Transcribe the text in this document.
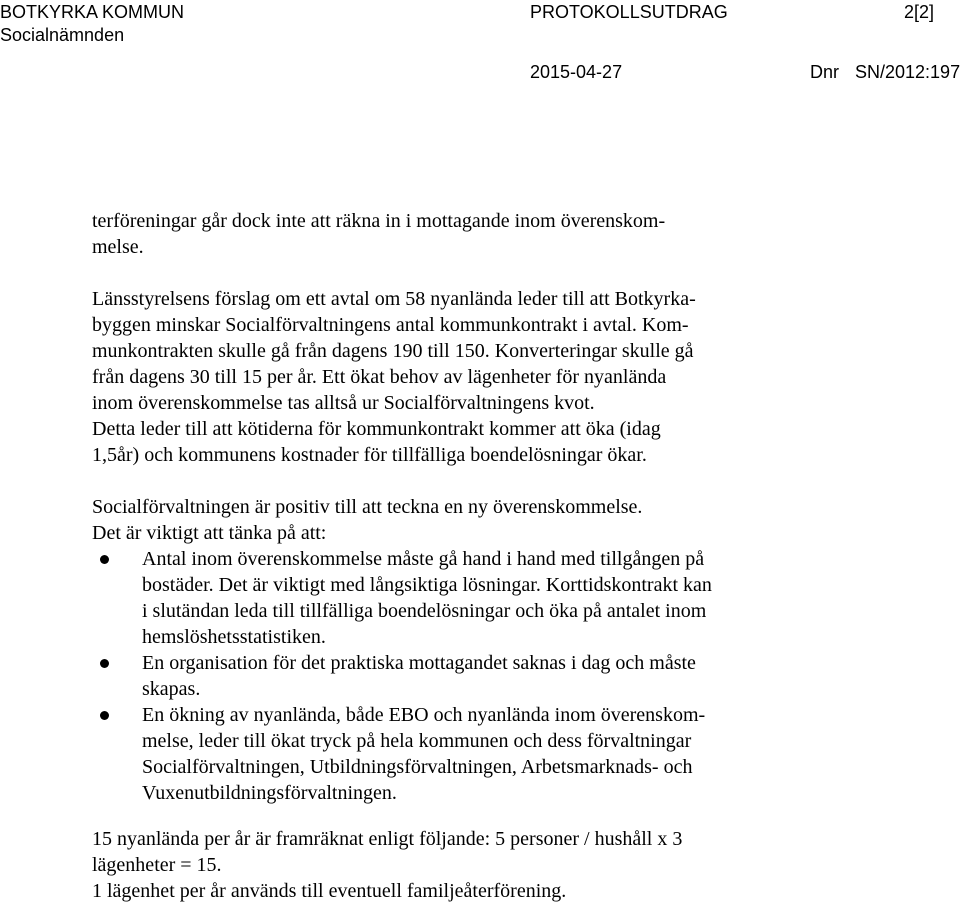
BOTKYRKA KOMMUN	PROTOKOLLSUTDRAG	2[2]
Socialnämnden
2015-04-27	Dnr SN/2012:197
terföreningar går dock inte att räkna in i mottagande inom överenskom-
melse.
Länsstyrelsens förslag om ett avtal om 58 nyanlända leder till att Botkyrka-
byggen minskar Socialförvaltningens antal kommunkontrakt i avtal. Kom-
munkontrakten skulle gå från dagens 190 till 150. Konverteringar skulle gå
från dagens 30 till 15 per år. Ett ökat behov av lägenheter för nyanlända
inom överenskommelse tas alltså ur Socialförvaltningens kvot.
Detta leder till att kötiderna för kommunkontrakt kommer att öka (idag
1,5år) och kommunens kostnader för tillfälliga boendelösningar ökar.
Socialförvaltningen är positiv till att teckna en ny överenskommelse.
Det är viktigt att tänka på att:
Antal inom överenskommelse måste gå hand i hand med tillgången på
bostäder. Det är viktigt med långsiktiga lösningar. Korttidskontrakt kan
i slutändan leda till tillfälliga boendelösningar och öka på antalet inom
hemslöshetsstatistiken.
En organisation för det praktiska mottagandet saknas i dag och måste
skapas.
En ökning av nyanlända, både EBO och nyanlända inom överenskom-
melse, leder till ökat tryck på hela kommunen och dess förvaltningar
Socialförvaltningen, Utbildningsförvaltningen, Arbetsmarknads- och
Vuxenutbildningsförvaltningen.
15 nyanlända per år är framräknat enligt följande: 5 personer / hushåll x 3
lägenheter = 15.
1 lägenhet per år används till eventuell familjeåterförening.
